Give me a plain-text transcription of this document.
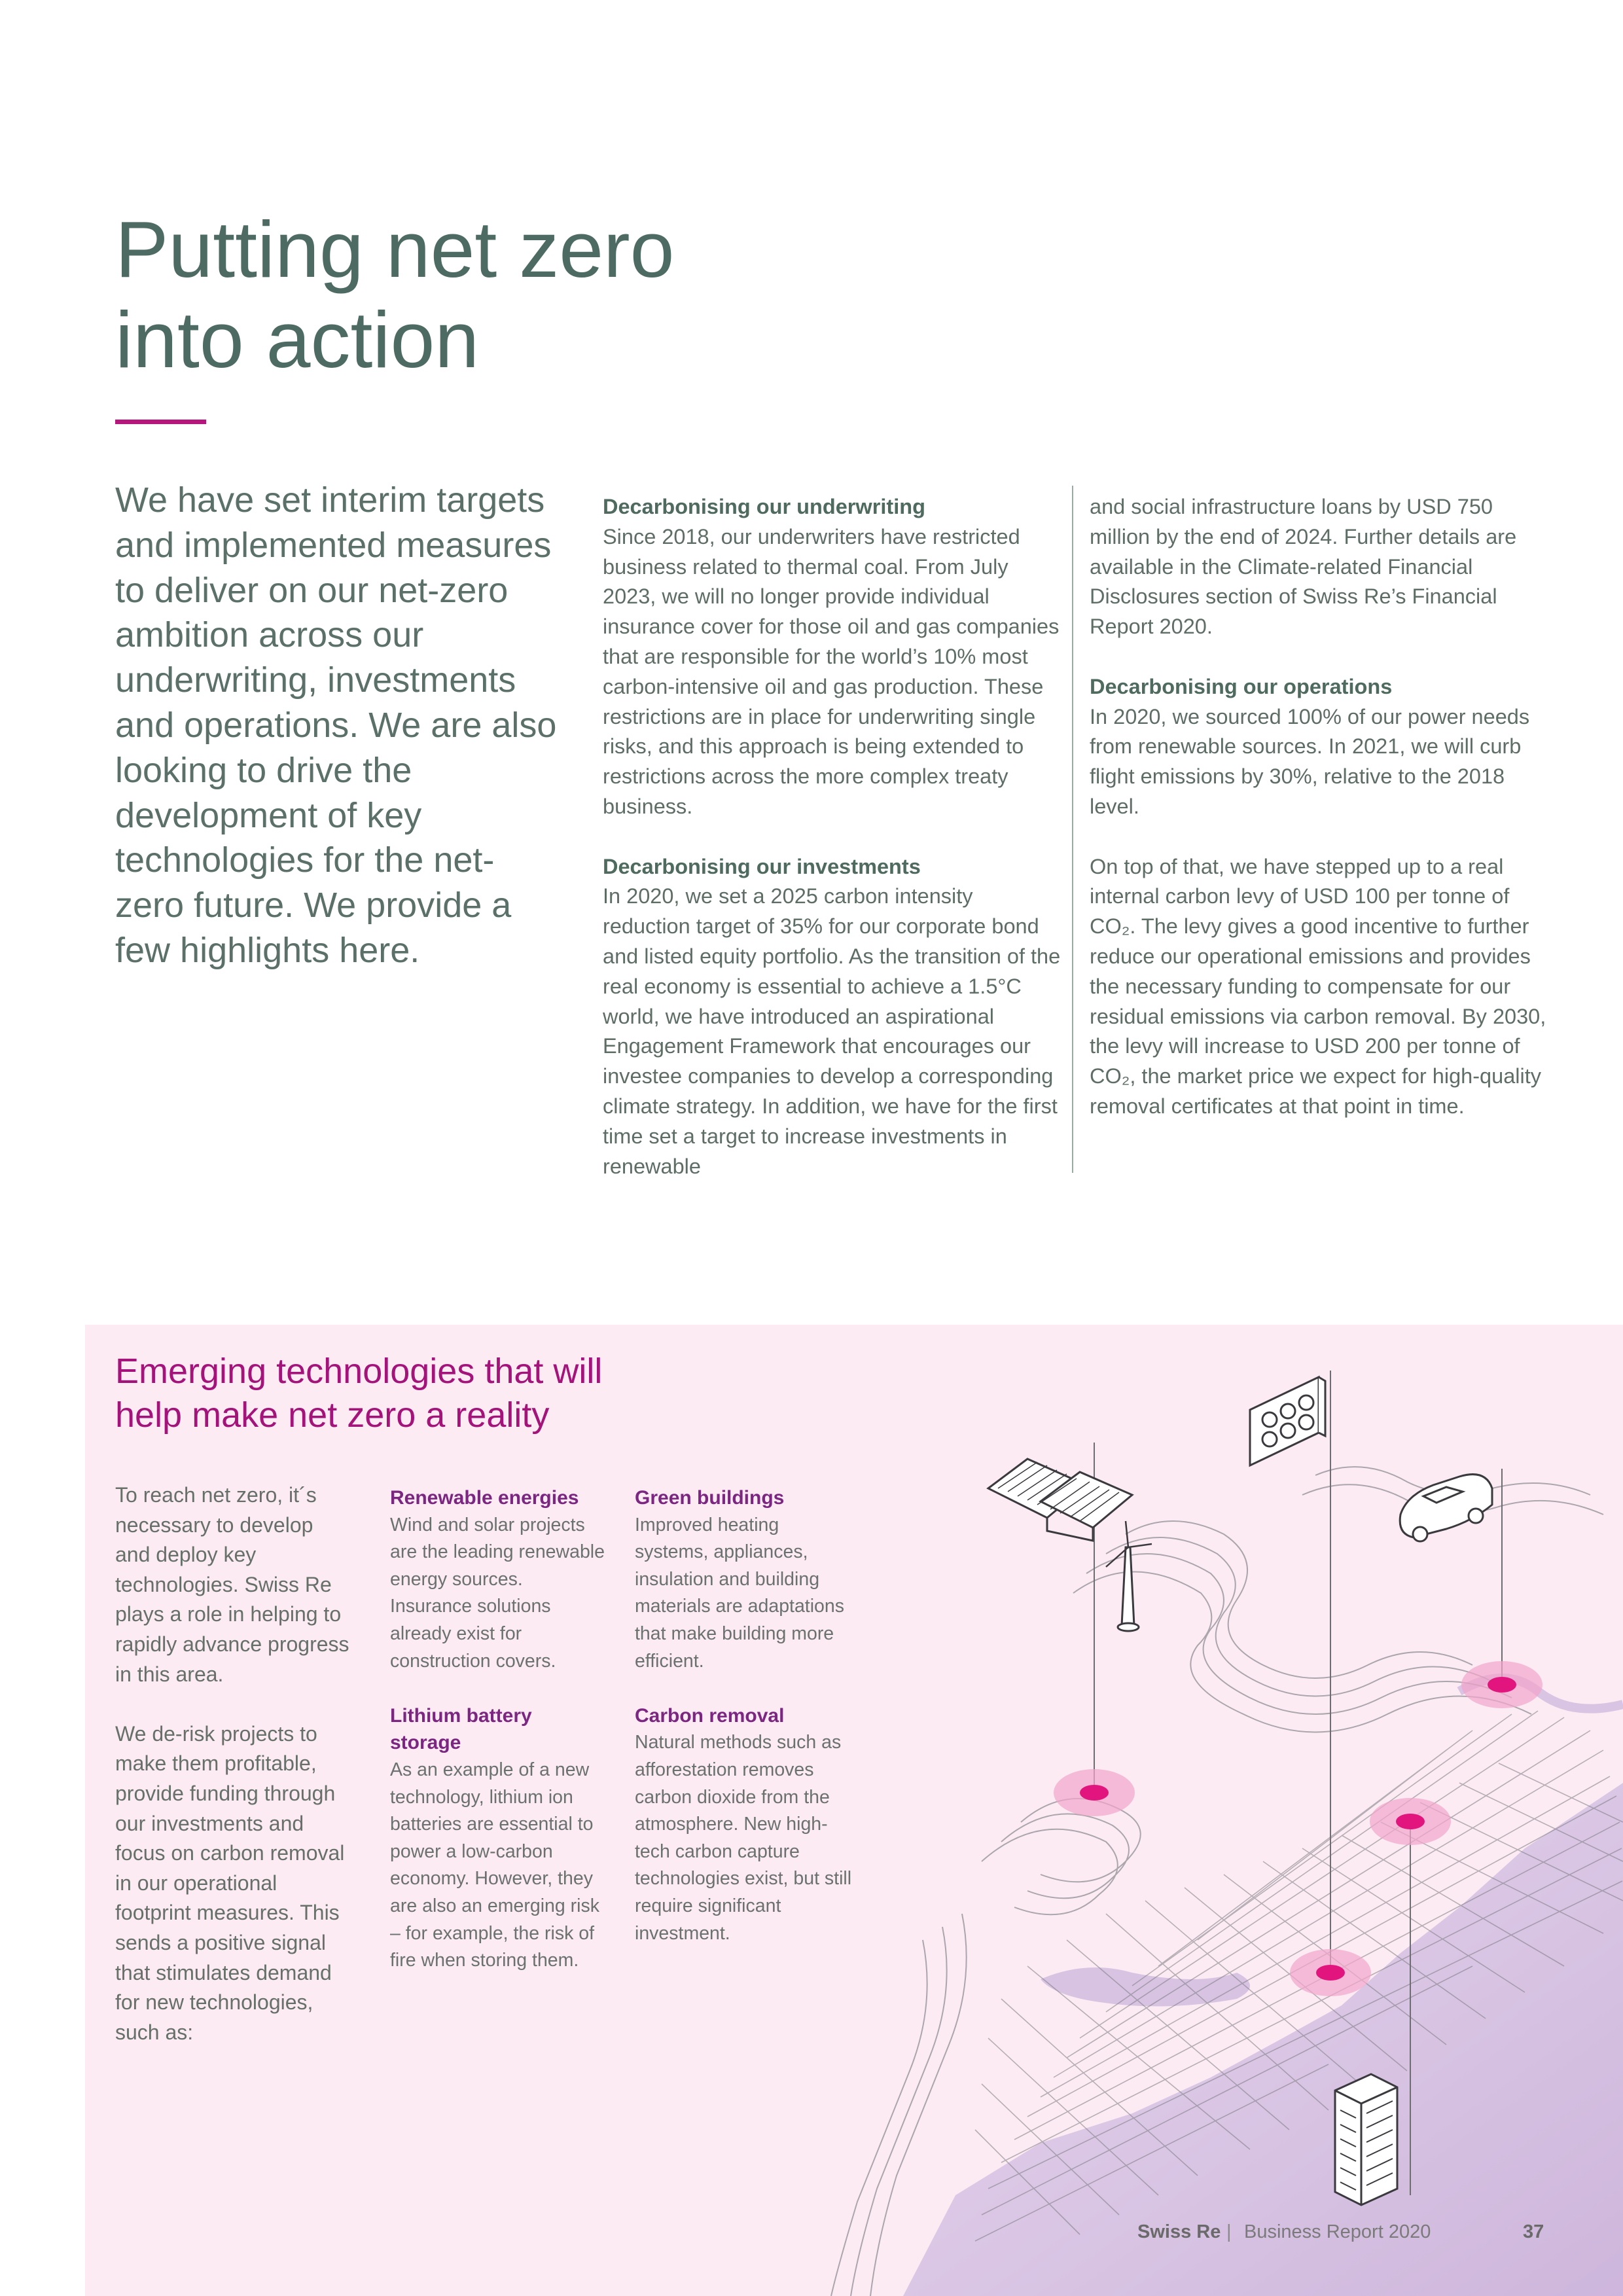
Putting net zero
into action

We have set interim targets and implemented measures to deliver on our net-zero ambition across our underwriting, investments and operations. We are also looking to drive the development of key technologies for the net-zero future. We provide a few highlights here.

Decarbonising our underwriting

Since 2018, our underwriters have restricted business related to thermal coal. From July 2023, we will no longer provide individual insurance cover for those oil and gas companies that are responsible for the world’s 10% most carbon-intensive oil and gas production. These restrictions are in place for underwriting single risks, and this approach is being extended to restrictions across the more complex treaty business.

Decarbonising our investments

In 2020, we set a 2025 carbon intensity reduction target of 35% for our corporate bond and listed equity portfolio. As the transition of the real economy is essential to achieve a 1.5°C world, we have introduced an aspirational Engagement Framework that encourages our investee companies to develop a corresponding climate strategy. In addition, we have for the first time set a target to increase investments in renewable

and social infrastructure loans by USD 750 million by the end of 2024. Further details are available in the Climate-related Financial Disclosures section of Swiss Re’s Financial Report 2020.

Decarbonising our operations

In 2020, we sourced 100% of our power needs from renewable sources. In 2021, we will curb flight emissions by 30%, relative to the 2018 level.

On top of that, we have stepped up to a real internal carbon levy of USD 100 per tonne of CO₂. The levy gives a good incentive to further reduce our operational emissions and provides the necessary funding to compensate for our residual emissions via carbon removal. By 2030, the levy will increase to USD 200 per tonne of CO₂, the market price we expect for high-quality removal certificates at that point in time.

Emerging technologies that will
help make net zero a reality

To reach net zero, it´s necessary to develop and deploy key technologies. Swiss Re plays a role in helping to rapidly advance progress in this area.

We de-risk projects to make them profitable, provide funding through our investments and focus on carbon removal in our operational footprint measures. This sends a positive signal that stimulates demand for new technologies, such as:

Renewable energies

Wind and solar projects are the leading renewable energy sources. Insurance solutions already exist for construction covers.

Lithium battery storage

As an example of a new technology, lithium ion batteries are essential to power a low-carbon economy. However, they are also an emerging risk – for example, the risk of fire when storing them.

Green buildings

Improved heating systems, appliances, insulation and building materials are adaptations that make building more efficient.

Carbon removal

Natural methods such as afforestation removes carbon dioxide from the atmosphere. New high-tech carbon capture technologies exist, but still require significant investment.

Swiss Re | Business Report 2020	37
